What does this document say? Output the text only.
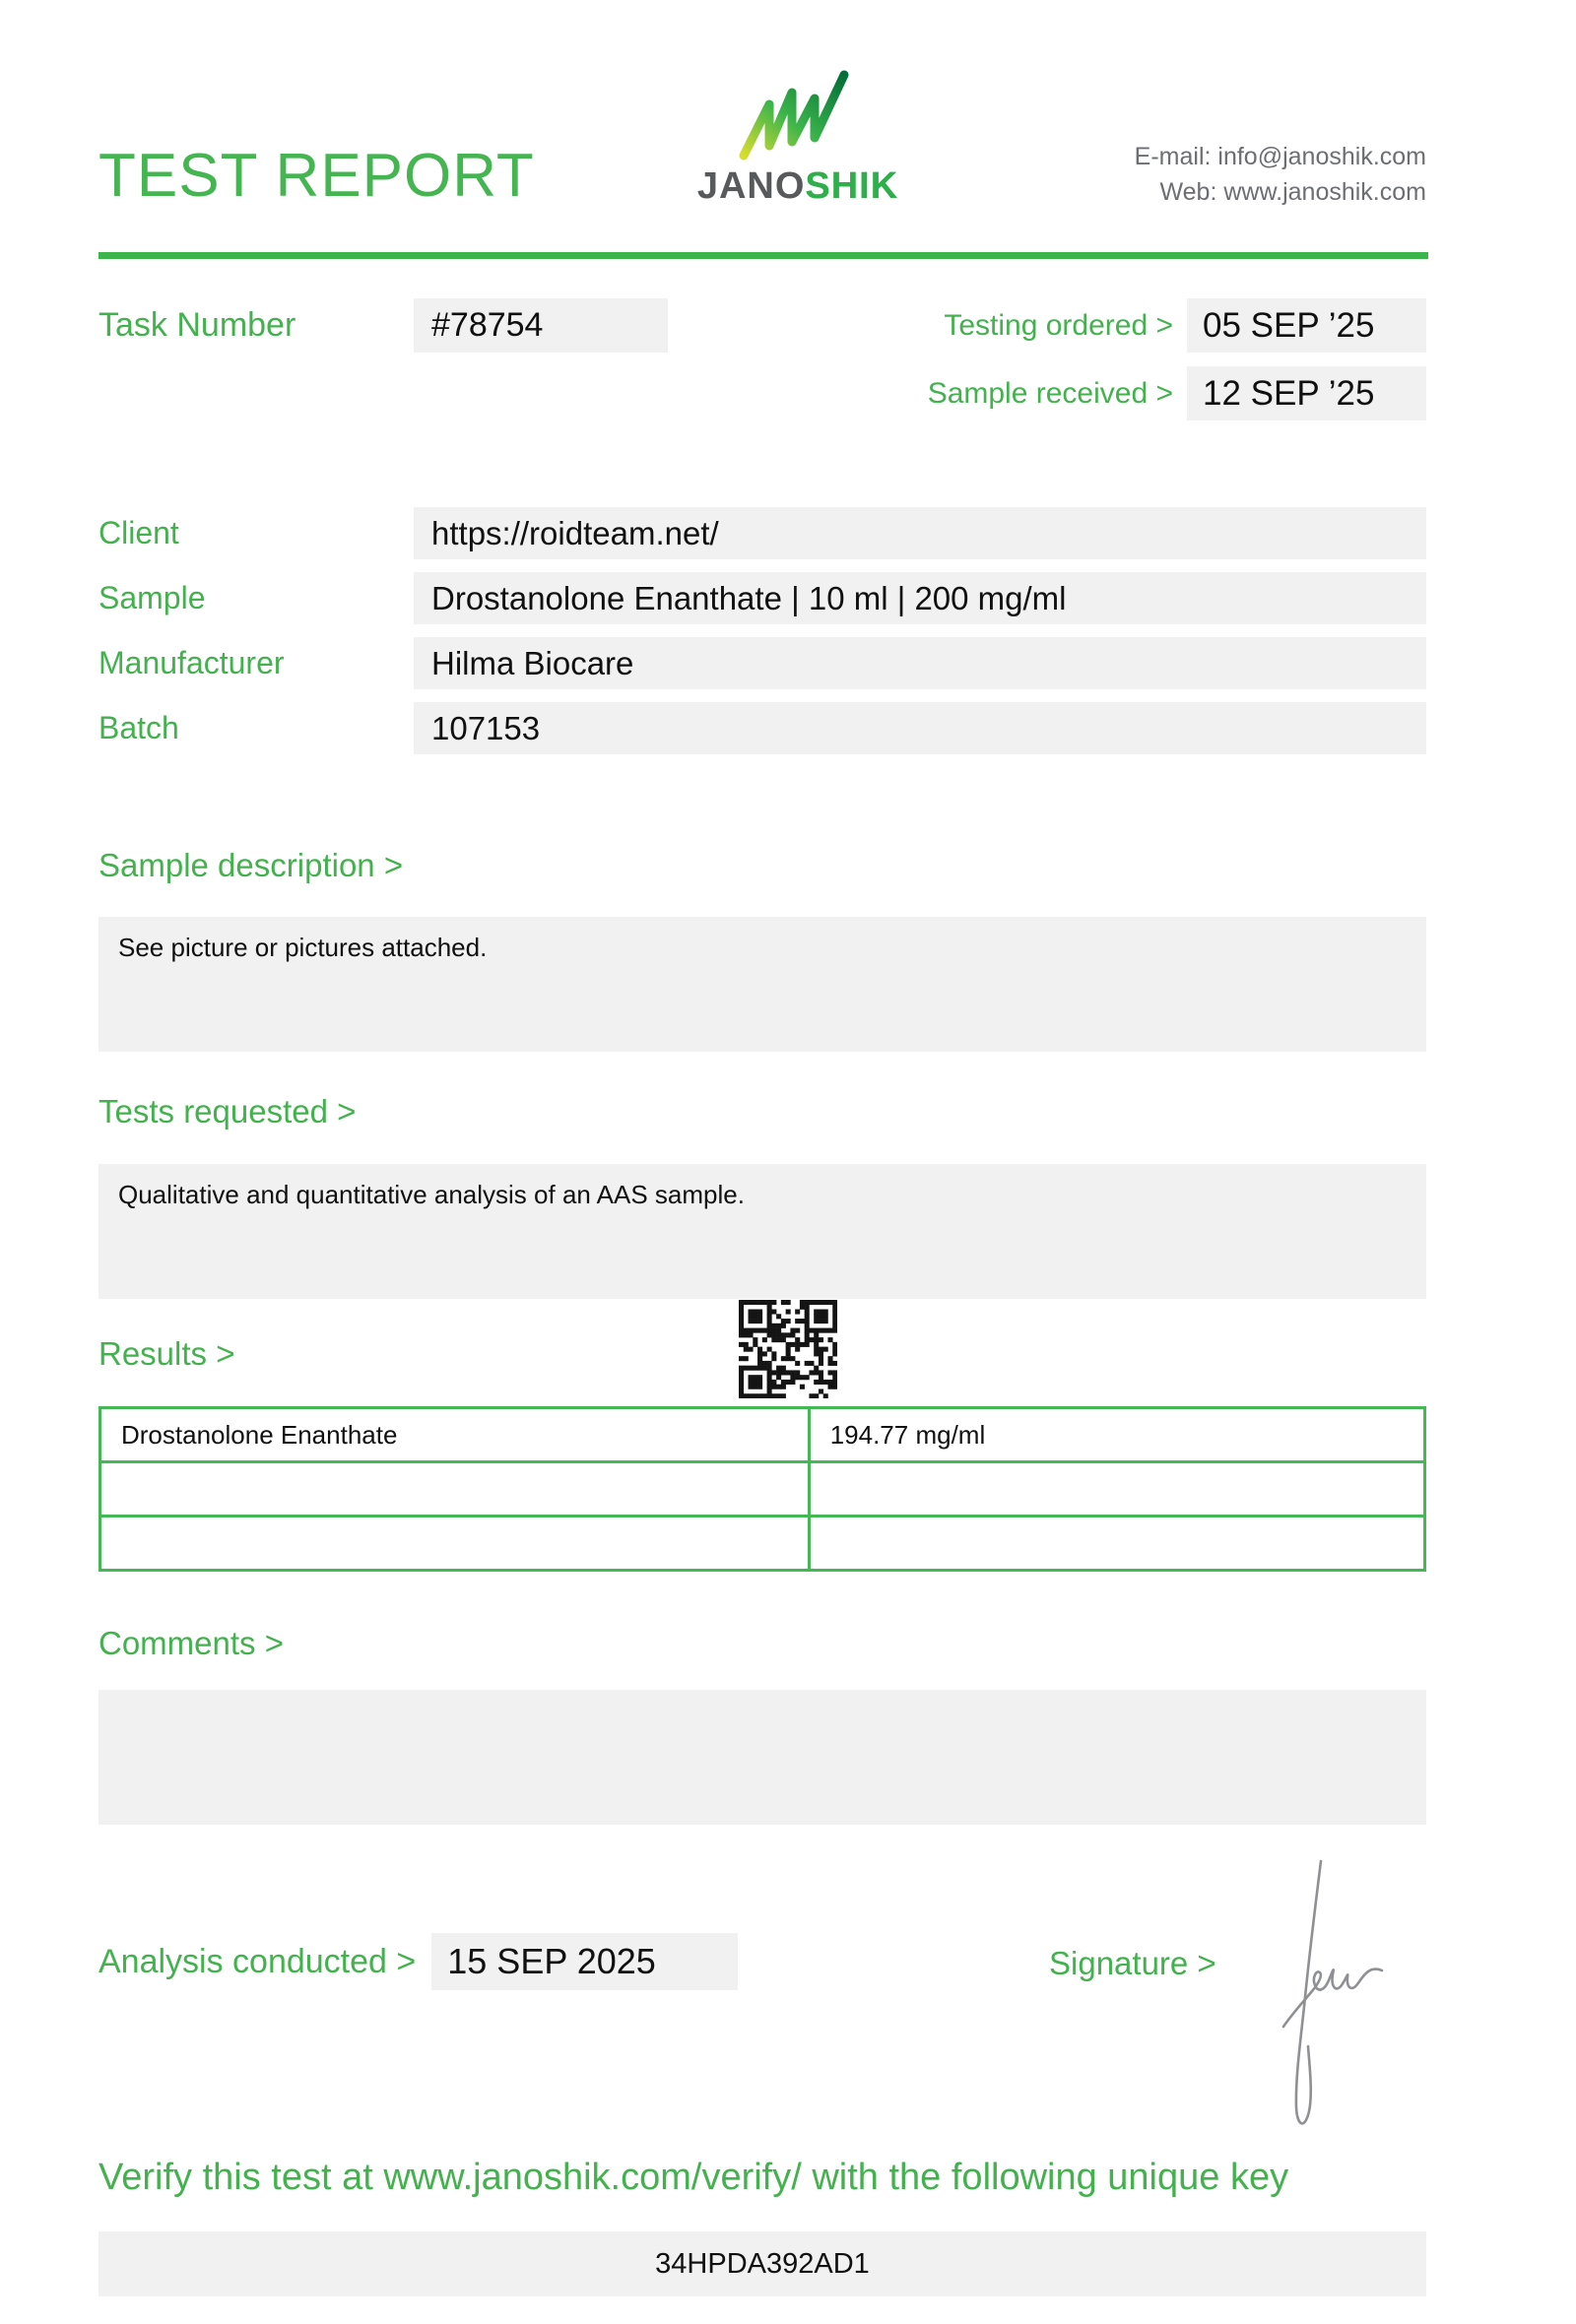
TEST REPORT	JANOSHIK
E-mail: info@janoshik.com
Web: www.janoshik.com
Task Number	#78754	Testing ordered > 05 SEP ’25
Sample received > 12 SEP ’25
Client	https://roidteam.net/
Sample	Drostanolone Enanthate | 10 ml | 200 mg/ml
Manufacturer	Hilma Biocare
Batch	107153
Sample description >
See picture or pictures attached.
Tests requested >
Qualitative and quantitative analysis of an AAS sample.
Results >
Drostanolone Enanthate	194.77 mg/ml

Comments >
Analysis conducted > 15 SEP 2025	Signature >
Verify this test at www.janoshik.com/verify/ with the following unique key
34HPDA392AD1
